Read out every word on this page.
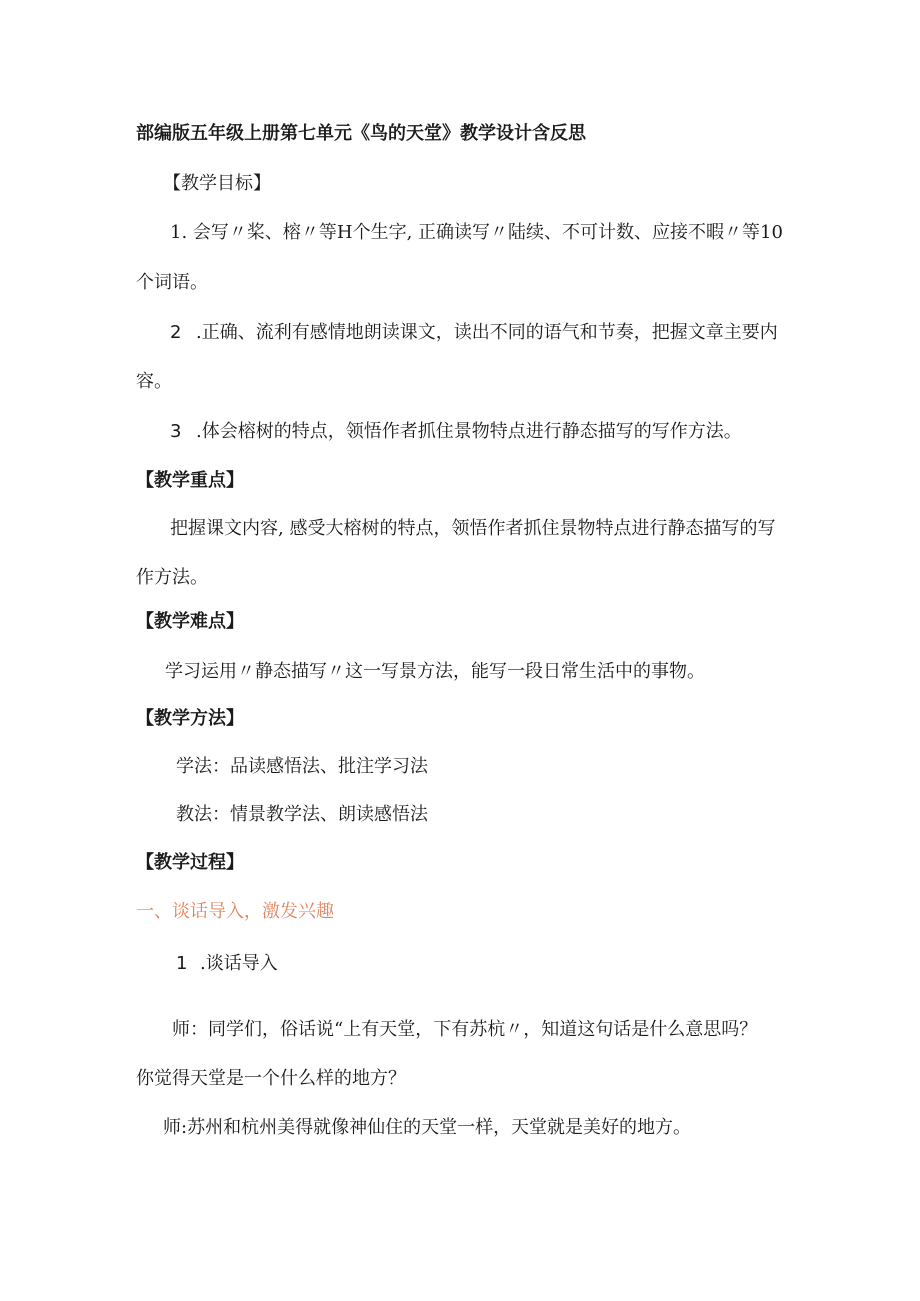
部编版五年级上册第七单元《鸟的天堂》教学设计含反思
【教学目标】
1. 会写〃桨、榕〃等H个生字, 正确读写〃陆续、不可计数、应接不暇〃等10
个词语。
2 .正确、流利有感情地朗读课文，读出不同的语气和节奏，把握文章主要内
容。
3 .体会榕树的特点，领悟作者抓住景物特点进行静态描写的写作方法。
【教学重点】
把握课文内容, 感受大榕树的特点，领悟作者抓住景物特点进行静态描写的写
作方法。
【教学难点】
学习运用〃静态描写〃这一写景方法，能写一段日常生活中的事物。
【教学方法】
学法：品读感悟法、批注学习法
教法：情景教学法、朗读感悟法
【教学过程】
一、谈话导入，激发兴趣
1 .谈话导入
师：同学们，俗话说“上有天堂，下有苏杭〃，知道这句话是什么意思吗？
你觉得天堂是一个什么样的地方？
师:苏州和杭州美得就像神仙住的天堂一样，天堂就是美好的地方。
